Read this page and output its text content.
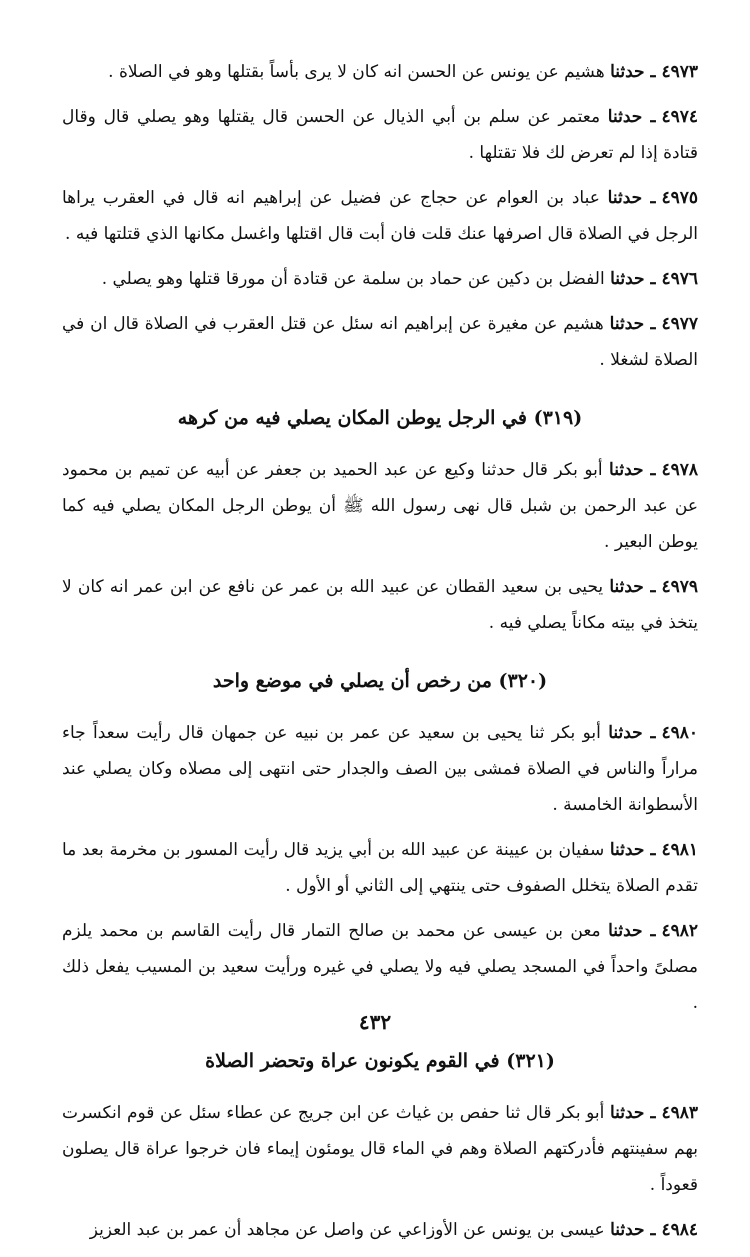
٤٩٧٣ـ حدثنا هشيم عن يونس عن الحسن انه كان لا يرى بأساً بقتلها وهو في الصلاة .

٤٩٧٤ـ حدثنا معتمر عن سلم بن أبي الذيال عن الحسن قال يقتلها وهو يصلي قال وقال قتادة إذا لم تعرض لك فلا تقتلها .

٤٩٧٥ـ حدثنا عباد بن العوام عن حجاج عن فضيل عن إبراهيم انه قال في العقرب يراها الرجل في الصلاة قال اصرفها عنك قلت فان أبت قال اقتلها واغسل مكانها الذي قتلتها فيه .

٤٩٧٦ـ حدثنا الفضل بن دكين عن حماد بن سلمة عن قتادة أن مورقا قتلها وهو يصلي .

٤٩٧٧ـ حدثنا هشيم عن مغيرة عن إبراهيم انه سئل عن قتل العقرب في الصلاة قال ان في الصلاة لشغلا .

(٣١٩) في الرجل يوطن المكان يصلي فيه من كرهه

٤٩٧٨ـ حدثنا أبو بكر قال حدثنا وكيع عن عبد الحميد بن جعفر عن أبيه عن تميم بن محمود عن عبد الرحمن بن شبل قال نهى رسول الله ﷺ أن يوطن الرجل المكان يصلي فيه كما يوطن البعير .

٤٩٧٩ـ حدثنا يحيى بن سعيد القطان عن عبيد الله بن عمر عن نافع عن ابن عمر انه كان لا يتخذ في بيته مكاناً يصلي فيه .

(٣٢٠) من رخص أن يصلي في موضع واحد

٤٩٨٠ـ حدثنا أبو بكر ثنا يحيى بن سعيد عن عمر بن نبيه عن جمهان قال رأيت سعداً جاء مراراً والناس في الصلاة فمشى بين الصف والجدار حتى انتهى إلى مصلاه وكان يصلي عند الأسطوانة الخامسة .

٤٩٨١ـ حدثنا سفيان بن عيينة عن عبيد الله بن أبي يزيد قال رأيت المسور بن مخرمة بعد ما تقدم الصلاة يتخلل الصفوف حتى ينتهي إلى الثاني أو الأول .

٤٩٨٢ـ حدثنا معن بن عيسى عن محمد بن صالح التمار قال رأيت القاسم بن محمد يلزم مصلىً واحداً في المسجد يصلي فيه ولا يصلي في غيره ورأيت سعيد بن المسيب يفعل ذلك .

(٣٢١) في القوم يكونون عراة وتحضر الصلاة

٤٩٨٣ـ حدثنا أبو بكر قال ثنا حفص بن غياث عن ابن جريج عن عطاء سئل عن قوم انكسرت بهم سفينتهم فأدركتهم الصلاة وهم في الماء قال يومئون إيماء فان خرجوا عراة قال يصلون قعوداً .

٤٩٨٤ـ حدثنا عيسى بن يونس عن الأوزاعي عن واصل عن مجاهد أن عمر بن عبد العزيز

٤٣٢
